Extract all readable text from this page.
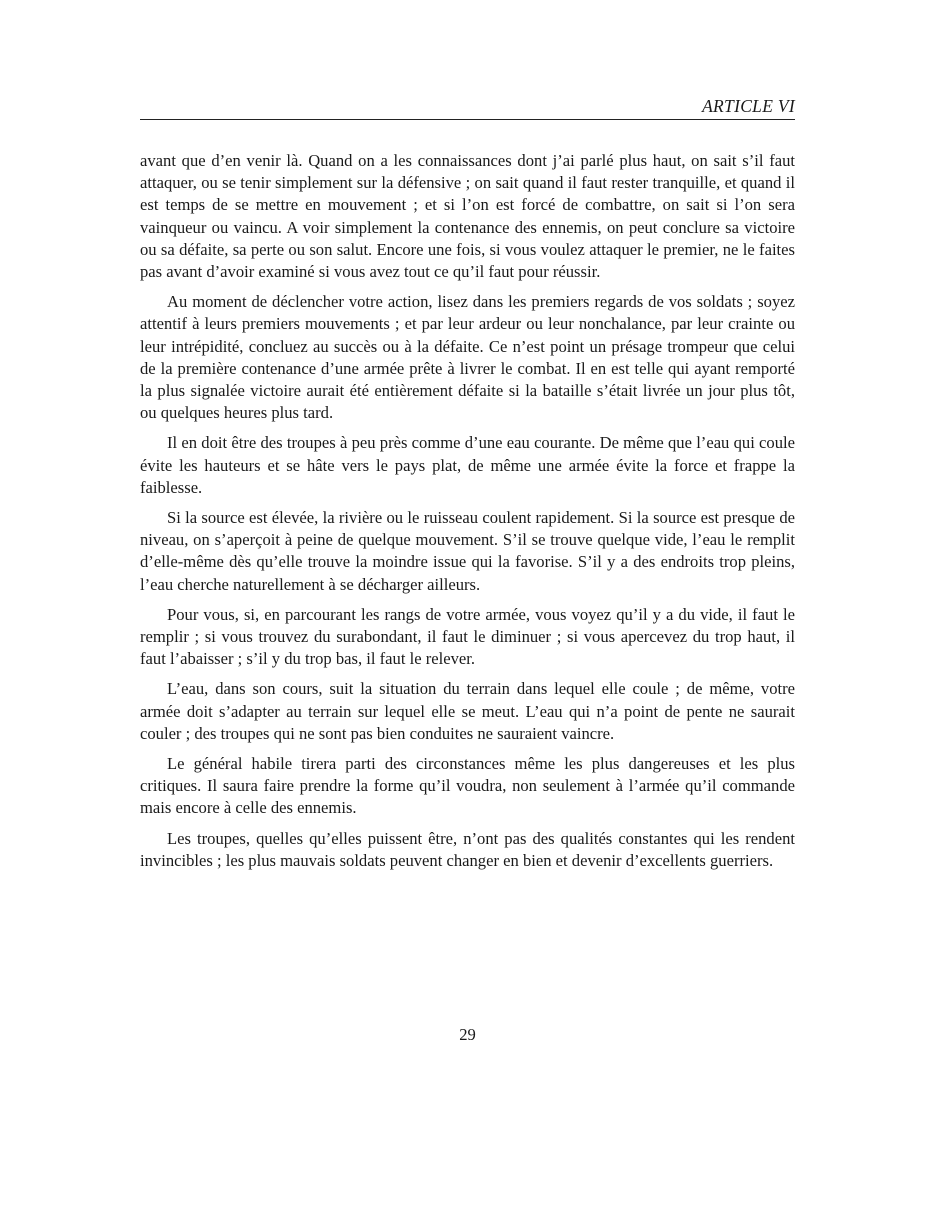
ARTICLE VI

avant que d’en venir là. Quand on a les connaissances dont j’ai parlé plus haut, on sait s’il faut attaquer, ou se tenir simplement sur la défensive ; on sait quand il faut rester tranquille, et quand il est temps de se mettre en mouvement ; et si l’on est forcé de combattre, on sait si l’on sera vainqueur ou vaincu. A voir simplement la contenance des ennemis, on peut conclure sa victoire ou sa défaite, sa perte ou son salut. Encore une fois, si vous voulez attaquer le premier, ne le faites pas avant d’avoir examiné si vous avez tout ce qu’il faut pour réussir.

Au moment de déclencher votre action, lisez dans les premiers regards de vos soldats ; soyez attentif à leurs premiers mouvements ; et par leur ardeur ou leur nonchalance, par leur crainte ou leur intrépidité, concluez au succès ou à la défaite. Ce n’est point un présage trompeur que celui de la première contenance d’une armée prête à livrer le combat. Il en est telle qui ayant remporté la plus signalée victoire aurait été entièrement défaite si la bataille s’était livrée un jour plus tôt, ou quelques heures plus tard.

Il en doit être des troupes à peu près comme d’une eau courante. De même que l’eau qui coule évite les hauteurs et se hâte vers le pays plat, de même une armée évite la force et frappe la faiblesse.

Si la source est élevée, la rivière ou le ruisseau coulent rapidement. Si la source est presque de niveau, on s’aperçoit à peine de quelque mouvement. S’il se trouve quelque vide, l’eau le remplit d’elle-même dès qu’elle trouve la moindre issue qui la favorise. S’il y a des endroits trop pleins, l’eau cherche naturellement à se décharger ailleurs.

Pour vous, si, en parcourant les rangs de votre armée, vous voyez qu’il y a du vide, il faut le remplir ; si vous trouvez du surabondant, il faut le diminuer ; si vous apercevez du trop haut, il faut l’abaisser ; s’il y du trop bas, il faut le relever.

L’eau, dans son cours, suit la situation du terrain dans lequel elle coule ; de même, votre armée doit s’adapter au terrain sur lequel elle se meut. L’eau qui n’a point de pente ne saurait couler ; des troupes qui ne sont pas bien conduites ne sauraient vaincre.

Le général habile tirera parti des circonstances même les plus dangereuses et les plus critiques. Il saura faire prendre la forme qu’il voudra, non seulement à l’armée qu’il commande mais encore à celle des ennemis.

Les troupes, quelles qu’elles puissent être, n’ont pas des qualités constantes qui les rendent invincibles ; les plus mauvais soldats peuvent changer en bien et devenir d’excellents guerriers.

29
